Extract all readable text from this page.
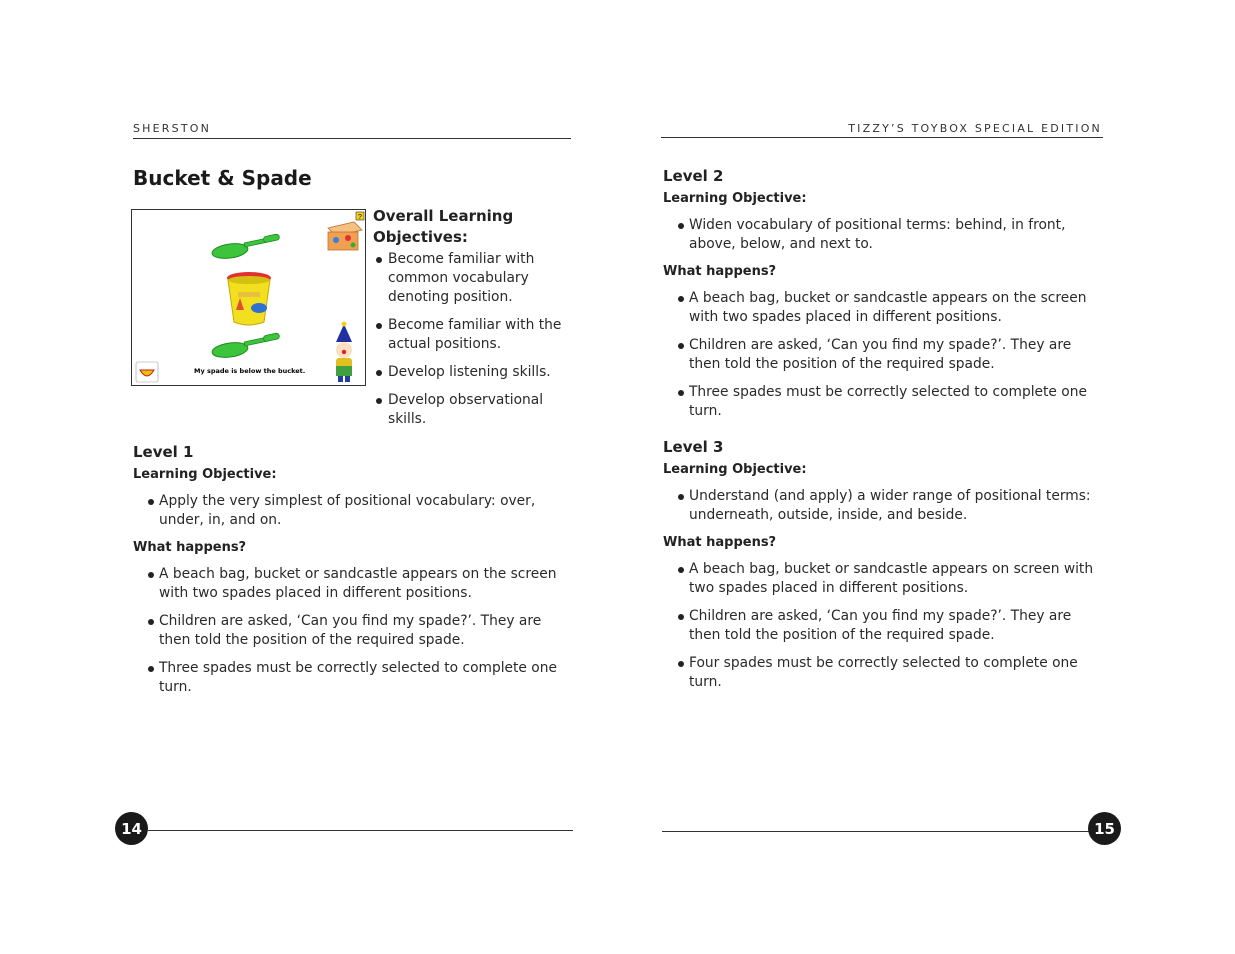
SHERSTON
Bucket & Spade
?
My spade is below the bucket.
Overall Learning Objectives:
Become familiar with common vocabulary denoting position.
Become familiar with the actual positions.
Develop listening skills.
Develop observational skills.
Level 1
Learning Objective:
Apply the very simplest of positional vocabulary: over, under, in, and on.
What happens?
A beach bag, bucket or sandcastle appears on the screen with two spades placed in different positions.
Children are asked, ‘Can you find my spade?’. They are then told the position of the required spade.
Three spades must be correctly selected to complete one turn.
14
TIZZY’S TOYBOX SPECIAL EDITION
Level 2
Learning Objective:
Widen vocabulary of positional terms: behind, in front, above, below, and next to.
What happens?
A beach bag, bucket or sandcastle appears on the screen with two spades placed in different positions.
Children are asked, ‘Can you find my spade?’. They are then told the position of the required spade.
Three spades must be correctly selected to complete one turn.
Level 3
Learning Objective:
Understand (and apply) a wider range of positional terms: underneath, outside, inside, and beside.
What happens?
A beach bag, bucket or sandcastle appears on screen with two spades placed in different positions.
Children are asked, ‘Can you find my spade?’. They are then told the position of the required spade.
Four spades must be correctly selected to complete one turn.
15
